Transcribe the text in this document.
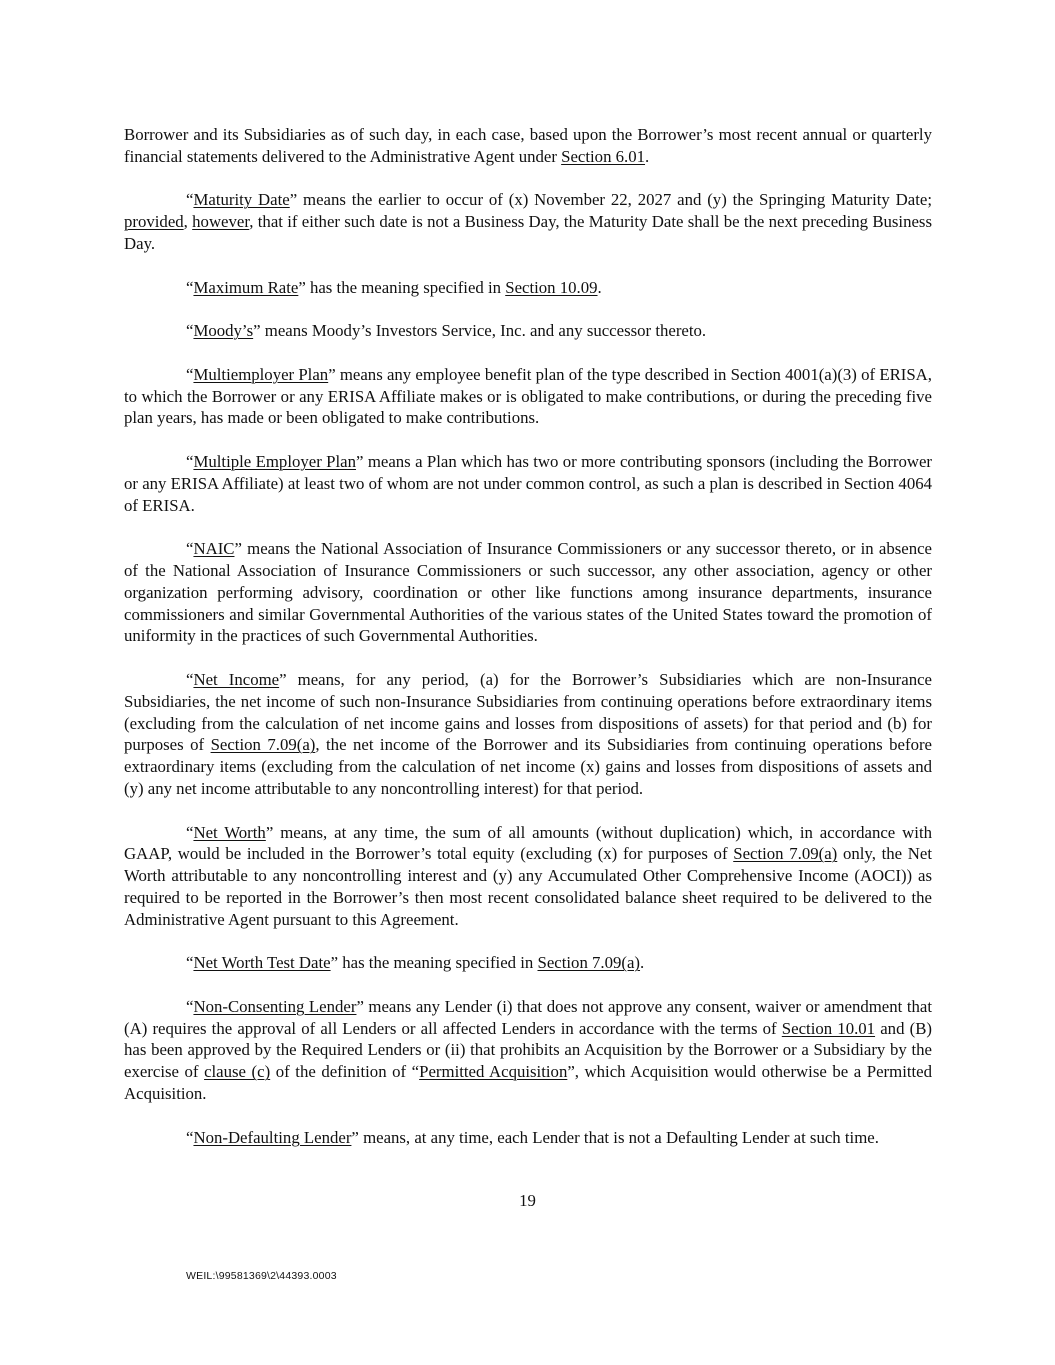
Borrower and its Subsidiaries as of such day, in each case, based upon the Borrower’s most recent annual or quarterly financial statements delivered to the Administrative Agent under Section 6.01.

“Maturity Date” means the earlier to occur of (x) November 22, 2027 and (y) the Springing Maturity Date; provided, however, that if either such date is not a Business Day, the Maturity Date shall be the next preceding Business Day.

“Maximum Rate” has the meaning specified in Section 10.09.

“Moody’s” means Moody’s Investors Service, Inc. and any successor thereto.

“Multiemployer Plan” means any employee benefit plan of the type described in Section 4001(a)(3) of ERISA, to which the Borrower or any ERISA Affiliate makes or is obligated to make contributions, or during the preceding five plan years, has made or been obligated to make contributions.

“Multiple Employer Plan” means a Plan which has two or more contributing sponsors (including the Borrower or any ERISA Affiliate) at least two of whom are not under common control, as such a plan is described in Section 4064 of ERISA.

“NAIC” means the National Association of Insurance Commissioners or any successor thereto, or in absence of the National Association of Insurance Commissioners or such successor, any other association, agency or other organization performing advisory, coordination or other like functions among insurance departments, insurance commissioners and similar Governmental Authorities of the various states of the United States toward the promotion of uniformity in the practices of such Governmental Authorities.

“Net Income” means, for any period, (a) for the Borrower’s Subsidiaries which are non-Insurance Subsidiaries, the net income of such non-Insurance Subsidiaries from continuing operations before extraordinary items (excluding from the calculation of net income gains and losses from dispositions of assets) for that period and (b) for purposes of Section 7.09(a), the net income of the Borrower and its Subsidiaries from continuing operations before extraordinary items (excluding from the calculation of net income (x) gains and losses from dispositions of assets and (y) any net income attributable to any noncontrolling interest) for that period.

“Net Worth” means, at any time, the sum of all amounts (without duplication) which, in accordance with GAAP, would be included in the Borrower’s total equity (excluding (x) for purposes of Section 7.09(a) only, the Net Worth attributable to any noncontrolling interest and (y) any Accumulated Other Comprehensive Income (AOCI)) as required to be reported in the Borrower’s then most recent consolidated balance sheet required to be delivered to the Administrative Agent pursuant to this Agreement.

“Net Worth Test Date” has the meaning specified in Section 7.09(a).

“Non-Consenting Lender” means any Lender (i) that does not approve any consent, waiver or amendment that (A) requires the approval of all Lenders or all affected Lenders in accordance with the terms of Section 10.01 and (B) has been approved by the Required Lenders or (ii) that prohibits an Acquisition by the Borrower or a Subsidiary by the exercise of clause (c) of the definition of “Permitted Acquisition”, which Acquisition would otherwise be a Permitted Acquisition.

“Non-Defaulting Lender” means, at any time, each Lender that is not a Defaulting Lender at such time.

19
WEIL:\99581369\2\44393.0003
